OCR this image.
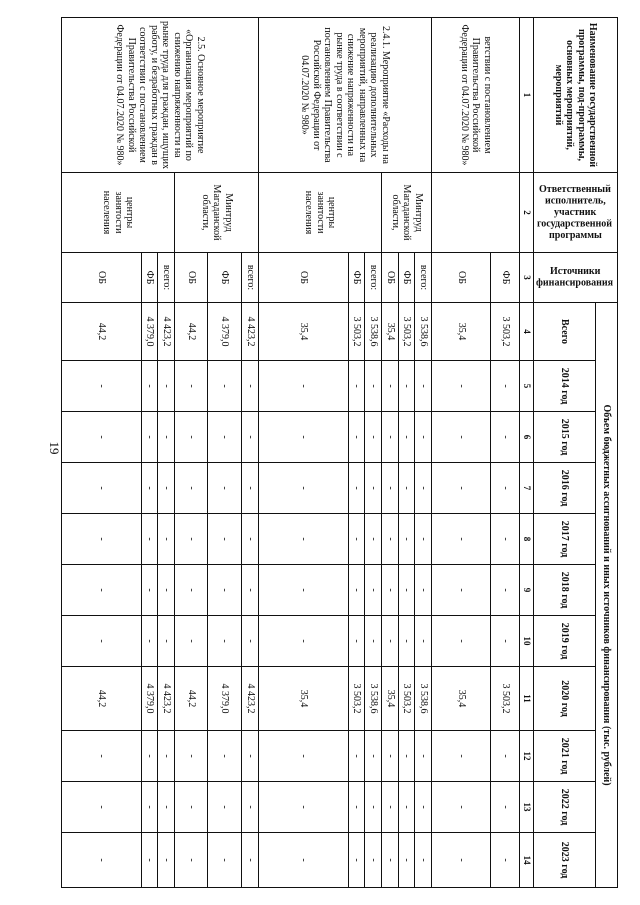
19
Наименование государственной программы, под-программы, основных мероприятий, мероприятий	Ответственный исполнитель, участник государственной программы	Источники финансирования	Объем бюджетных ассигнований и иных источников финансирования (тыс. рублей)										
			Всего	2014 год	2015 год	2016 год	2017 год	2018 год	2019 год	2020 год	2021 год	2022 год	2023 год
1	2	3	4	5	6	7	8	9	10	11	12	13	14
ветствии с постановлением Правительства Российской Федерации от 04.07.2020 № 980»		ФБ	3 503,2	-	-	-	-	-	-	3 503,2	-	-	-
		ОБ	35,4	-	-	-	-	-	-	35,4	-	-	-
2.4.1. Мероприятие «Расходы на реализацию дополнительных мероприятий, направленных на снижение напряженности на рынке труда в соответствии с постановлением Правительства Российской Федерации от 04.07.2020 № 980»	Минтруд Магаданской области,	всего:	3 538,6	-	-	-	-	-	-	3 538,6	-	-	-
		ФБ	3 503,2	-	-	-	-	-	-	3 503,2	-	-	-
		ОБ	35,4	-	-	-	-	-	-	35,4	-	-	-
	центры занятости населения	всего:	3 538,6	-	-	-	-	-	-	3 538,6	-	-	-
		ФБ	3 503,2	-	-	-	-	-	-	3 503,2	-	-	-
		ОБ	35,4	-	-	-	-	-	-	35,4	-	-	-
2.5. Основное мероприятие «Организация мероприятий по снижению напряженности на рынке труда для граждан, ищущих работу, и безработных граждан в соответствии с постановлением Правительства Российской Федерации от 04.07.2020 № 980»	Минтруд Магаданской области,	всего:	4 423,2	-	-	-	-	-	-	4 423,2	-	-	-
		ФБ	4 379,0	-	-	-	-	-	-	4 379,0	-	-	-
		ОБ	44,2	-	-	-	-	-	-	44,2	-	-	-
	центры занятости населения	всего:	4 423,2	-	-	-	-	-	-	4 423,2	-	-	-
		ФБ	4 379,0	-	-	-	-	-	-	4 379,0	-	-	-
		ОБ	44,2	-	-	-	-	-	-	44,2	-	-	-
